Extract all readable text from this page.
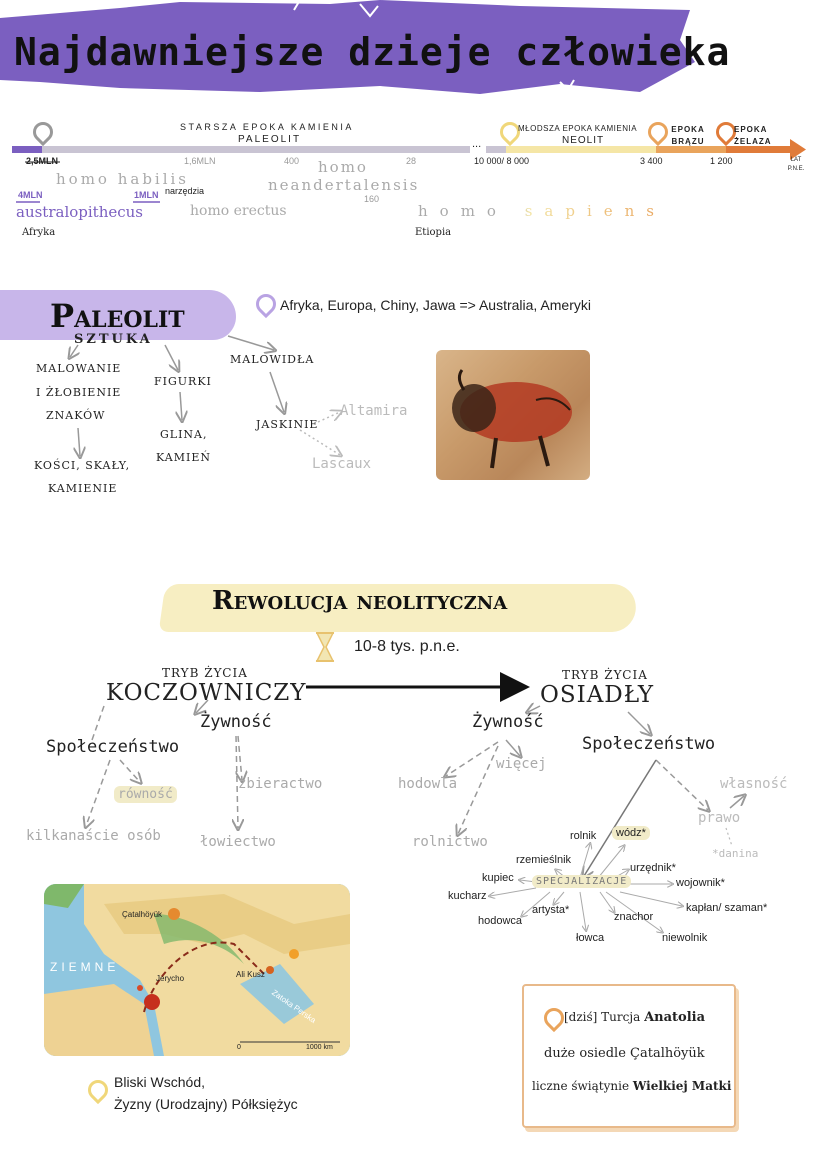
Najdawniejsze dzieje człowieka
STARSZA EPOKA KAMIENIA
PALEOLIT
MŁODSZA EPOKA KAMIENIA
NEOLIT
EPOKA BRĄZU
EPOKA ŻELAZA
LAT P.N.E.
...
2,5MLN	1,6MLN	400	28	10 000/ 8 000	3 400	1 200
160
4MLN
australopithecus
homo habilis
1MLN narzędzia
homo erectus
homo
neandertalensis
homo sapiens
Afryka	Etiopia
Paleolit	Afryka, Europa, Chiny, Jawa => Australia, Ameryki
SZTUKA
MALOWANIE
I ŻŁOBIENIE
ZNAKÓW
KOŚCI, SKAŁY,
KAMIENIE
FIGURKI
GLINA,
KAMIEŃ
MALOWIDŁA
JASKINIE
Altamira
Lascaux
Rewolucja neolityczna
10-8 tys. p.n.e.
TRYB ŻYCIA
KOCZOWNICZY
TRYB ŻYCIA
OSIADŁY
Żywność
Społeczeństwo
równość
zbieractwo
kilkanaście osób	łowiectwo
Żywność
Społeczeństwo
więcej
hodowla
rolnictwo
własność
prawo
*danina
SPECJALIZACJE
rolnik	wódz*
rzemieślnik
urzędnik*
kupiec	wojownik*
kucharz
artysta*	kapłan/ szaman*
hodowca	znachor
łowca	niewolnik
Çatalhöyük
ZIEMNE
Jerycho	Ali Kusz
Zatoka Perska
0	1000 km
Bliski Wschód,
Żyzny (Urodzajny) Półksiężyc
[dziś] Turcja Anatolia
duże osiedle Çatalhöyük
liczne świątynie Wielkiej Matki
